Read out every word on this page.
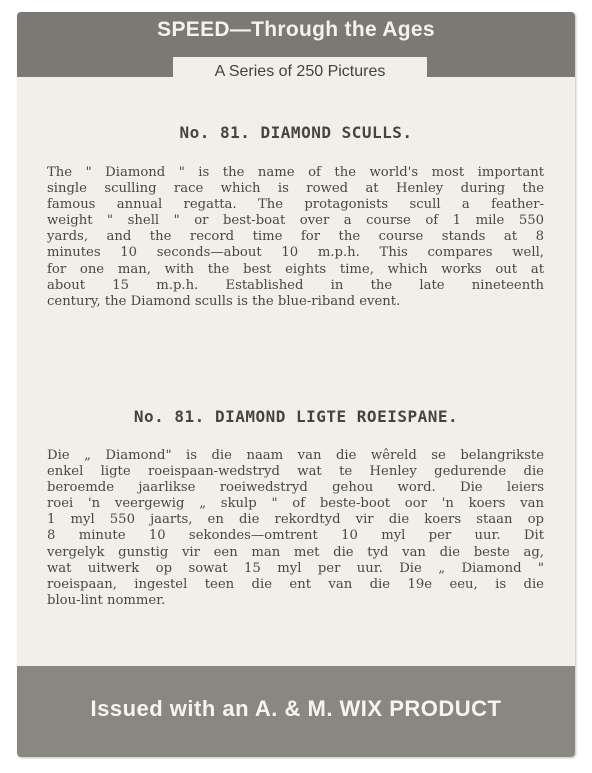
SPEED—Through the Ages
A Series of 250 Pictures
No. 81. DIAMOND SCULLS.
The " Diamond " is the name of the world's most important
single sculling race which is rowed at Henley during the
famous annual regatta. The protagonists scull a feather-
weight " shell " or best-boat over a course of 1 mile 550
yards, and the record time for the course stands at 8
minutes 10 seconds—about 10 m.p.h. This compares well,
for one man, with the best eights time, which works out at
about 15 m.p.h. Established in the late nineteenth
century, the Diamond sculls is the blue-riband event.
No. 81. DIAMOND LIGTE ROEISPANE.
Die „ Diamond" is die naam van die wêreld se belangrikste
enkel ligte roeispaan-wedstryd wat te Henley gedurende die
beroemde jaarlikse roeiwedstryd gehou word. Die leiers
roei 'n veergewig „ skulp " of beste-boot oor 'n koers van
1 myl 550 jaarts, en die rekordtyd vir die koers staan op
8 minute 10 sekondes—omtrent 10 myl per uur. Dit
vergelyk gunstig vir een man met die tyd van die beste ag,
wat uitwerk op sowat 15 myl per uur. Die „ Diamond "
roeispaan, ingestel teen die ent van die 19e eeu, is die
blou-lint nommer.
Issued with an A. & M. WIX PRODUCT
